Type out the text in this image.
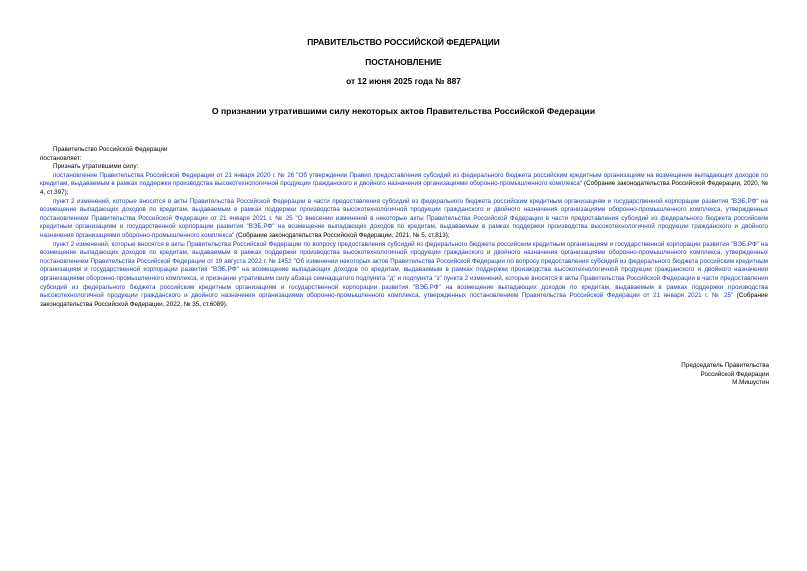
ПРАВИТЕЛЬСТВО РОССИЙСКОЙ ФЕДЕРАЦИИ
ПОСТАНОВЛЕНИЕ
от 12 июня 2025 года № 887
О признании утратившими силу некоторых актов Правительства Российской Федерации

Правительство Российской Федерации

постановляет:

Признать утратившими силу:

постановление Правительства Российской Федерации от 21 января 2020 г. № 26 "Об утверждении Правил предоставления субсидий из федерального бюджета российским кредитным организациям на возмещение выпадающих доходов по кредитам, выдаваемым в рамках поддержки производства высокотехнологичной продукции гражданского и двойного назначения организациями оборонно-промышленного комплекса" (Собрание законодательства Российской Федерации, 2020, № 4, ст.397);

пункт 2 изменений, которые вносятся в акты Правительства Российской Федерации в части предоставления субсидий из федерального бюджета российским кредитным организациям и государственной корпорации развития "ВЭБ.РФ" на возмещение выпадающих доходов по кредитам, выдаваемым в рамках поддержки производства высокотехнологичной продукции гражданского и двойного назначения организациями оборонно-промышленного комплекса, утвержденных постановлением Правительства Российской Федерации от 21 января 2021 г. № 25 "О внесении изменений в некоторые акты Правительства Российской Федерации в части предоставления субсидий из федерального бюджета российским кредитным организациям и государственной корпорации развития "ВЭБ.РФ" на возмещение выпадающих доходов по кредитам, выдаваемым в рамках поддержки производства высокотехнологичной продукции гражданского и двойного назначения организациями оборонно-промышленного комплекса" (Собрание законодательства Российской Федерации, 2021, № 5, ст.813);

пункт 2 изменений, которые вносятся в акты Правительства Российской Федерации по вопросу предоставления субсидий из федерального бюджета российским кредитным организациям и государственной корпорации развития "ВЭБ.РФ" на возмещение выпадающих доходов по кредитам, выдаваемым в рамках поддержки производства высокотехнологичной продукции гражданского и двойного назначения организациями оборонно-промышленного комплекса, утвержденных постановлением Правительства Российской Федерации от 19 августа 2022 г. № 1452 "Об изменении некоторых актов Правительства Российской Федерации по вопросу предоставления субсидий из федерального бюджета российским кредитным организациям и государственной корпорации развития "ВЭБ.РФ" на возмещение выпадающих доходов по кредитам, выдаваемым в рамках поддержки производства высокотехнологичной продукции гражданского и двойного назначения организациями оборонно-промышленного комплекса, и признании утратившим силу абзаца семнадцатого подпункта "д" и подпункта "з" пункта 2 изменений, которые вносятся в акты Правительства Российской Федерации в части предоставления субсидий из федерального бюджета российским кредитным организациям и государственной корпорации развития "ВЭБ.РФ" на возмещение выпадающих доходов по кредитам, выдаваемым в рамках поддержки производства высокотехнологичной продукции гражданского и двойного назначения организациями оборонно-промышленного комплекса, утвержденных постановлением Правительства Российской Федерации от 21 января 2021 г. № 25" (Собрание законодательства Российской Федерации, 2022, № 35, ст.6089).

Председатель Правительства
Российской Федерации
М.Мишустин
